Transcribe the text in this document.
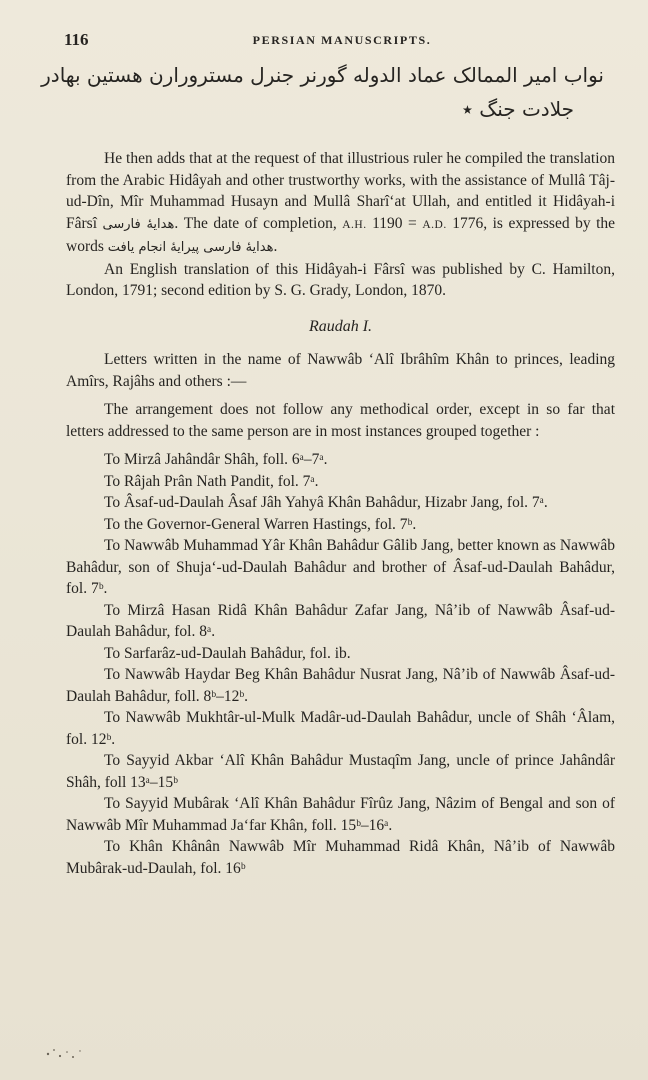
116	PERSIAN MANUSCRIPTS.
نواب امیر الممالک عماد الدوله گورنر جنرل مسترورارن هستین بهادر
جلادت جنگ ٭

He then adds that at the request of that illustrious ruler he compiled the translation from the Arabic Hidâyah and other trustworthy works, with the assistance of Mullâ Tâj-ud-Dîn, Mîr Muhammad Husayn and Mullâ Sharî‘at Ullah, and entitled it Hidâyah-i Fârsî هدایهٔ فارسی. The date of completion, A.H. 1190 = A.D. 1776, is expressed by the words هدایهٔ فارسی پیرایهٔ انجام یافت.

An English translation of this Hidâyah-i Fârsî was published by C. Hamilton, London, 1791; second edition by S. G. Grady, London, 1870.

Raudah I.

Letters written in the name of Nawwâb ‘Alî Ibrâhîm Khân to princes, leading Amîrs, Rajâhs and others :—

The arrangement does not follow any methodical order, except in so far that letters addressed to the same person are in most instances grouped together :

To Mirzâ Jahândâr Shâh, foll. 6ᵃ–7ᵃ.

To Râjah Prân Nath Pandit, fol. 7ᵃ.

To Âsaf-ud-Daulah Âsaf Jâh Yahyâ Khân Bahâdur, Hizabr Jang, fol. 7ᵃ.

To the Governor-General Warren Hastings, fol. 7ᵇ.

To Nawwâb Muhammad Yâr Khân Bahâdur Gâlib Jang, better known as Nawwâb Bahâdur, son of Shuja‘-ud-Daulah Bahâdur and brother of Âsaf-ud-Daulah Bahâdur, fol. 7ᵇ.

To Mirzâ Hasan Ridâ Khân Bahâdur Zafar Jang, Nâ’ib of Nawwâb Âsaf-ud-Daulah Bahâdur, fol. 8ᵃ.

To Sarfarâz-ud-Daulah Bahâdur, fol. ib.

To Nawwâb Haydar Beg Khân Bahâdur Nusrat Jang, Nâ’ib of Nawwâb Âsaf-ud-Daulah Bahâdur, foll. 8ᵇ–12ᵇ.

To Nawwâb Mukhtâr-ul-Mulk Madâr-ud-Daulah Bahâdur, uncle of Shâh ‘Âlam, fol. 12ᵇ.

To Sayyid Akbar ‘Alî Khân Bahâdur Mustaqîm Jang, uncle of prince Jahândâr Shâh, foll 13ᵃ–15ᵇ

To Sayyid Mubârak ‘Alî Khân Bahâdur Fîrûz Jang, Nâzim of Bengal and son of Nawwâb Mîr Muhammad Ja‘far Khân, foll. 15ᵇ–16ᵃ.

To Khân Khânân Nawwâb Mîr Muhammad Ridâ Khân, Nâ’ib of Nawwâb Mubârak-ud-Daulah, fol. 16ᵇ
